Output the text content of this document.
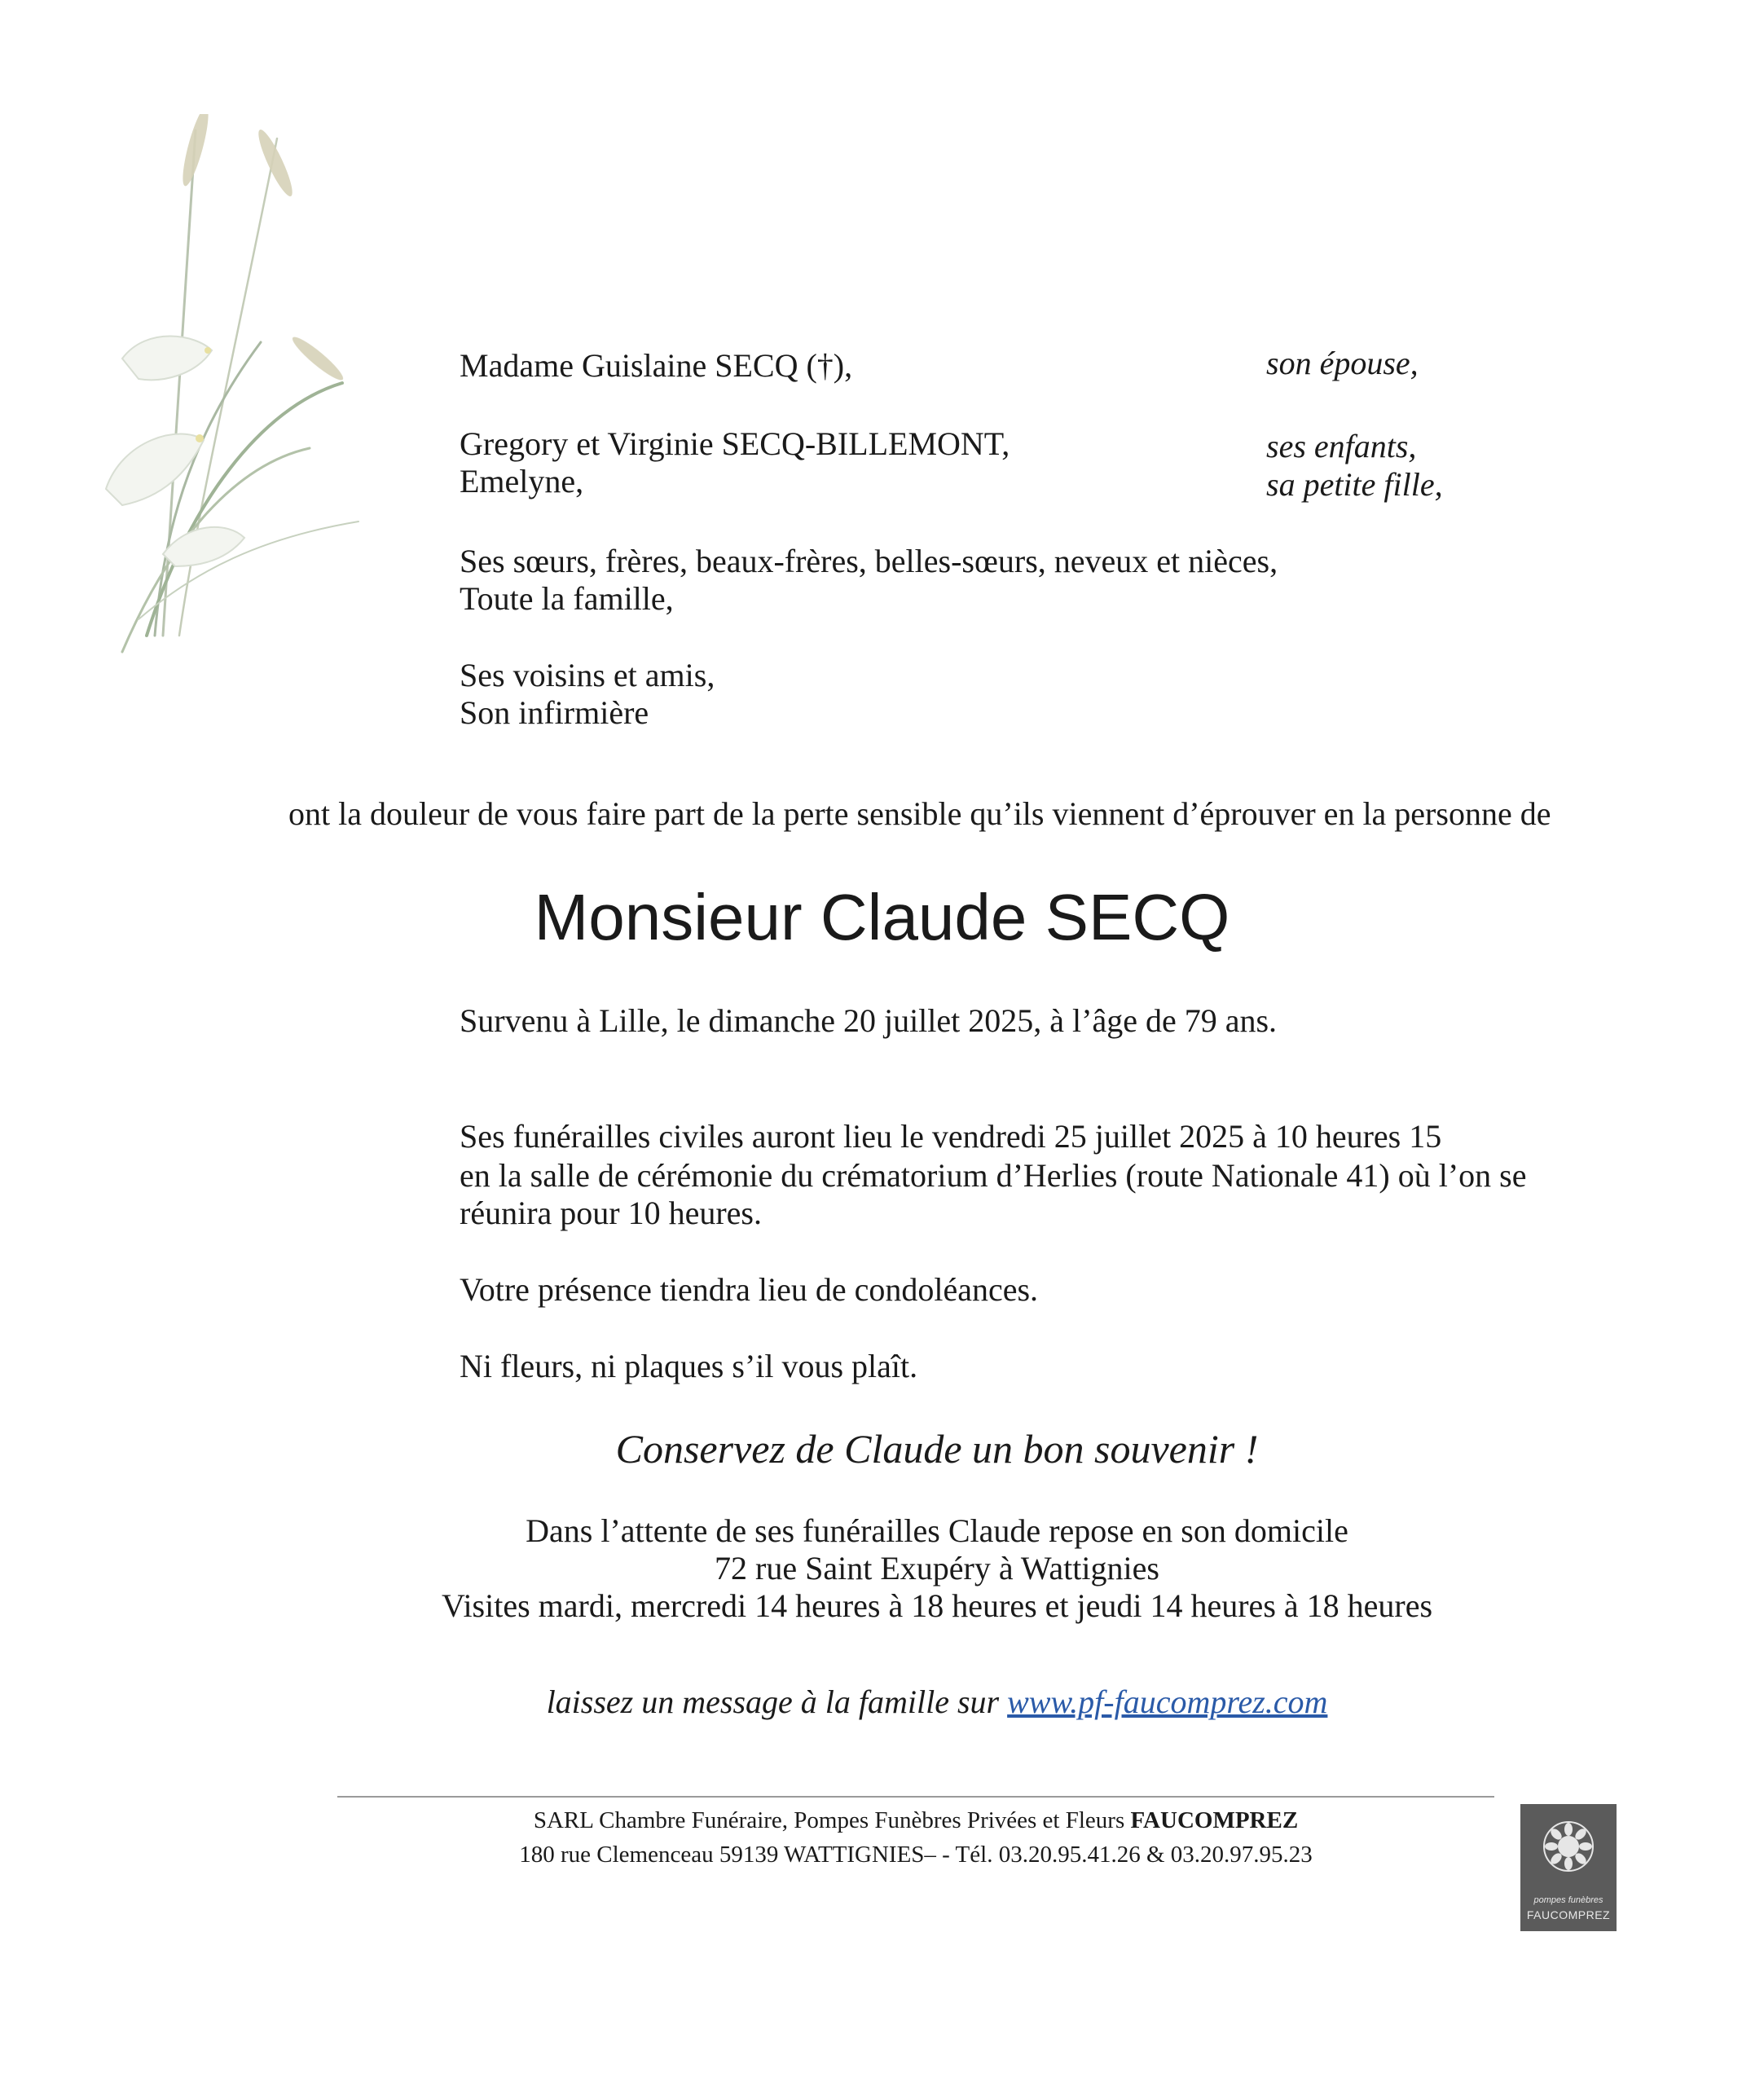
Madame Guislaine SECQ (†),	son épouse,
Gregory et Virginie SECQ-BILLEMONT,	ses enfants,
Emelyne,	sa petite fille,
Ses sœurs, frères, beaux-frères, belles-sœurs, neveux et nièces,
Toute la famille,
Ses voisins et amis,
Son infirmière
ont la douleur de vous faire part de la perte sensible qu’ils viennent d’éprouver en la personne de
Monsieur Claude SECQ
Survenu à Lille, le dimanche 20 juillet 2025, à l’âge de 79 ans.
Ses funérailles civiles auront lieu le vendredi 25 juillet 2025 à 10 heures 15
en la salle de cérémonie du crématorium d’Herlies (route Nationale 41) où l’on se
réunira pour 10 heures.
Votre présence tiendra lieu de condoléances.
Ni fleurs, ni plaques s’il vous plaît.
Conservez de Claude un bon souvenir !
Dans l’attente de ses funérailles Claude repose en son domicile
72 rue Saint Exupéry à Wattignies
Visites mardi, mercredi 14 heures à 18 heures et jeudi 14 heures à 18 heures
laissez un message à la famille sur www.pf-faucomprez.com
SARL Chambre Funéraire, Pompes Funèbres Privées et Fleurs FAUCOMPREZ
180 rue Clemenceau 59139 WATTIGNIES– - Tél. 03.20.95.41.26 & 03.20.97.95.23
pompes funèbres
FAUCOMPREZ
